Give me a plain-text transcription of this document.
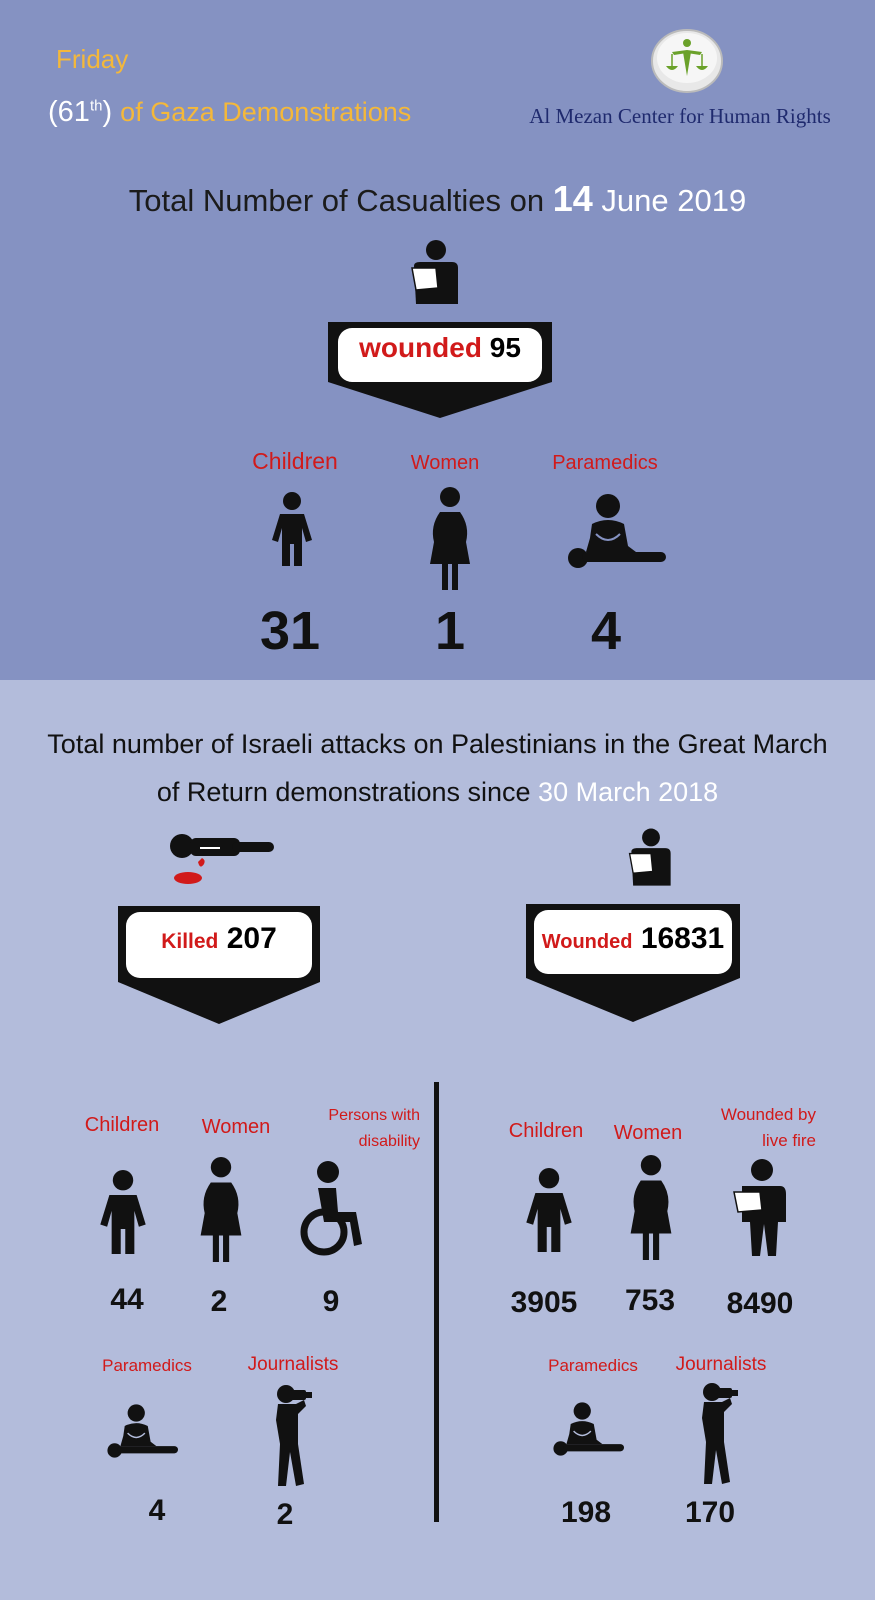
Friday
(61th) of Gaza Demonstrations	Al Mezan Center for Human Rights
Total Number of Casualties on 14 June 2019
wounded 95
Children	Women	Paramedics
31	1	4
Total number of Israeli attacks on Palestinians in the Great March
of Return demonstrations since 30 March 2018
Killed 207	Wounded 16831
Children	Women
Persons with
disability
44	2	9
Paramedics	Journalists
4	2
Children	Women
Wounded by
live fire
3905	753	8490
Paramedics	Journalists
198	170
